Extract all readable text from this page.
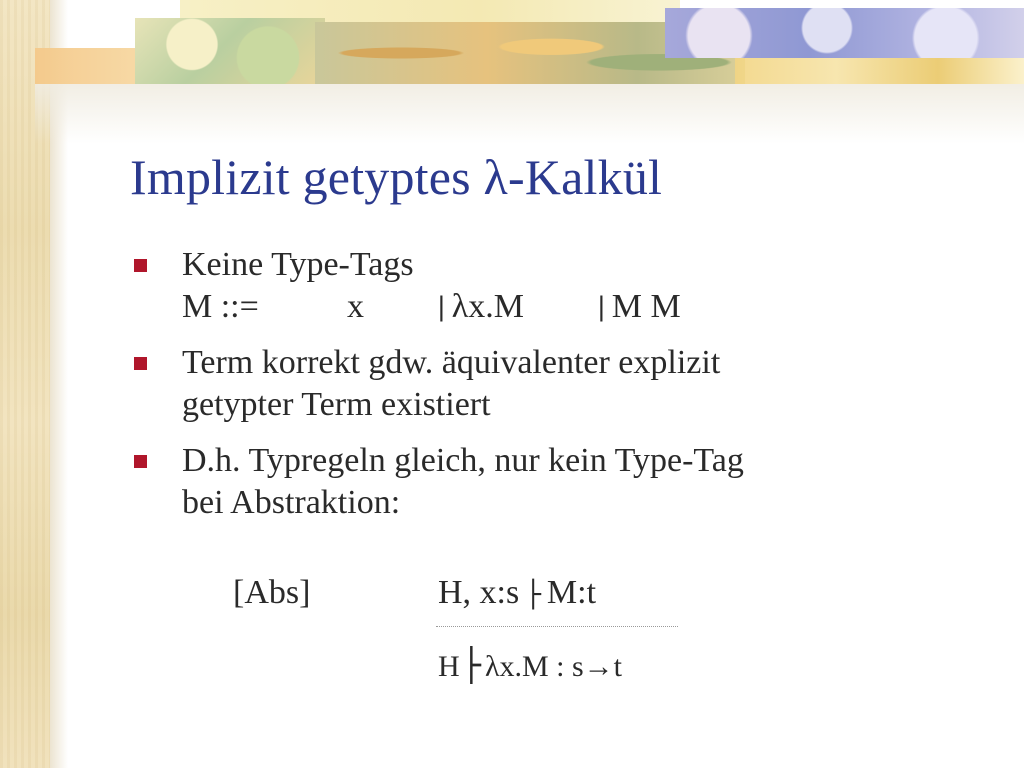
Implizit getyptes λ-Kalkül
Keine Type-Tags
M ::=	x	| λx.M	| M M
Term korrekt gdw. äquivalenter explizit
getypter Term existiert
D.h. Typregeln gleich, nur kein Type-Tag
bei Abstraktion:
[Abs]	H, x:s ├ M:t
H├ λx.M : s→t
